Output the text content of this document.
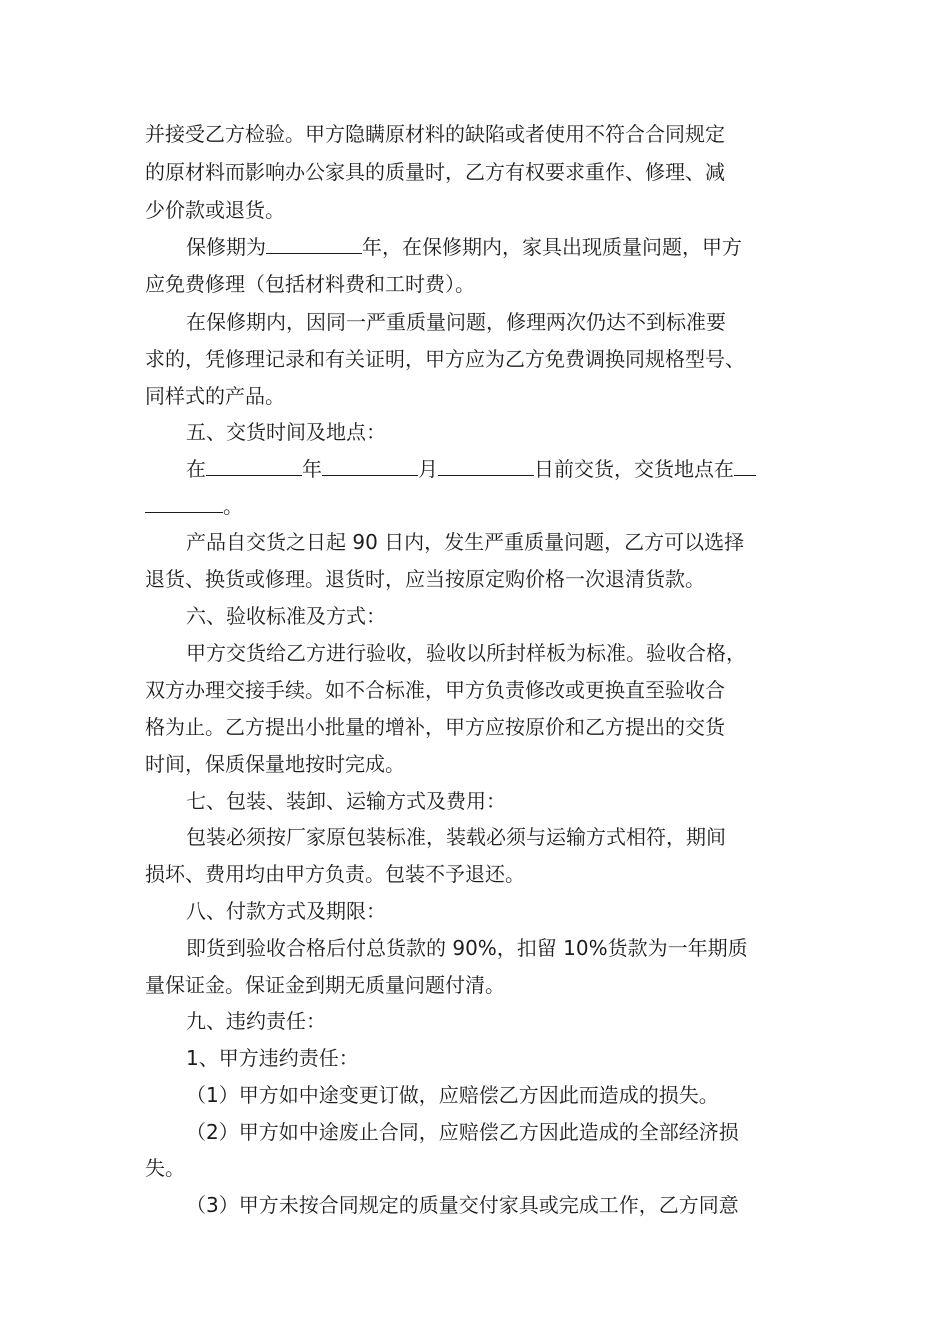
并接受乙方检验。甲方隐瞒原材料的缺陷或者使用不符合合同规定
的原材料而影响办公家具的质量时，乙方有权要求重作、修理、减
少价款或退货。
保修期为	年，在保修期内，家具出现质量问题，甲方
应免费修理（包括材料费和工时费）。
在保修期内，因同一严重质量问题，修理两次仍达不到标准要
求的，凭修理记录和有关证明，甲方应为乙方免费调换同规格型号、
同样式的产品。
五、交货时间及地点：
在	年	月	日前交货，交货地点在
。
产品自交货之日起 90 日内，发生严重质量问题，乙方可以选择
退货、换货或修理。退货时，应当按原定购价格一次退清货款。
六、验收标准及方式：
甲方交货给乙方进行验收，验收以所封样板为标准。验收合格，
双方办理交接手续。如不合标准，甲方负责修改或更换直至验收合
格为止。乙方提出小批量的增补，甲方应按原价和乙方提出的交货
时间，保质保量地按时完成。
七、包装、装卸、运输方式及费用：
包装必须按厂家原包装标准，装载必须与运输方式相符，期间
损坏、费用均由甲方负责。包装不予退还。
八、付款方式及期限：
即货到验收合格后付总货款的 90%，扣留 10%货款为一年期质
量保证金。保证金到期无质量问题付清。
九、违约责任：
1、甲方违约责任：
（1）甲方如中途变更订做，应赔偿乙方因此而造成的损失。
（2）甲方如中途废止合同，应赔偿乙方因此造成的全部经济损
失。
（3）甲方未按合同规定的质量交付家具或完成工作，乙方同意
